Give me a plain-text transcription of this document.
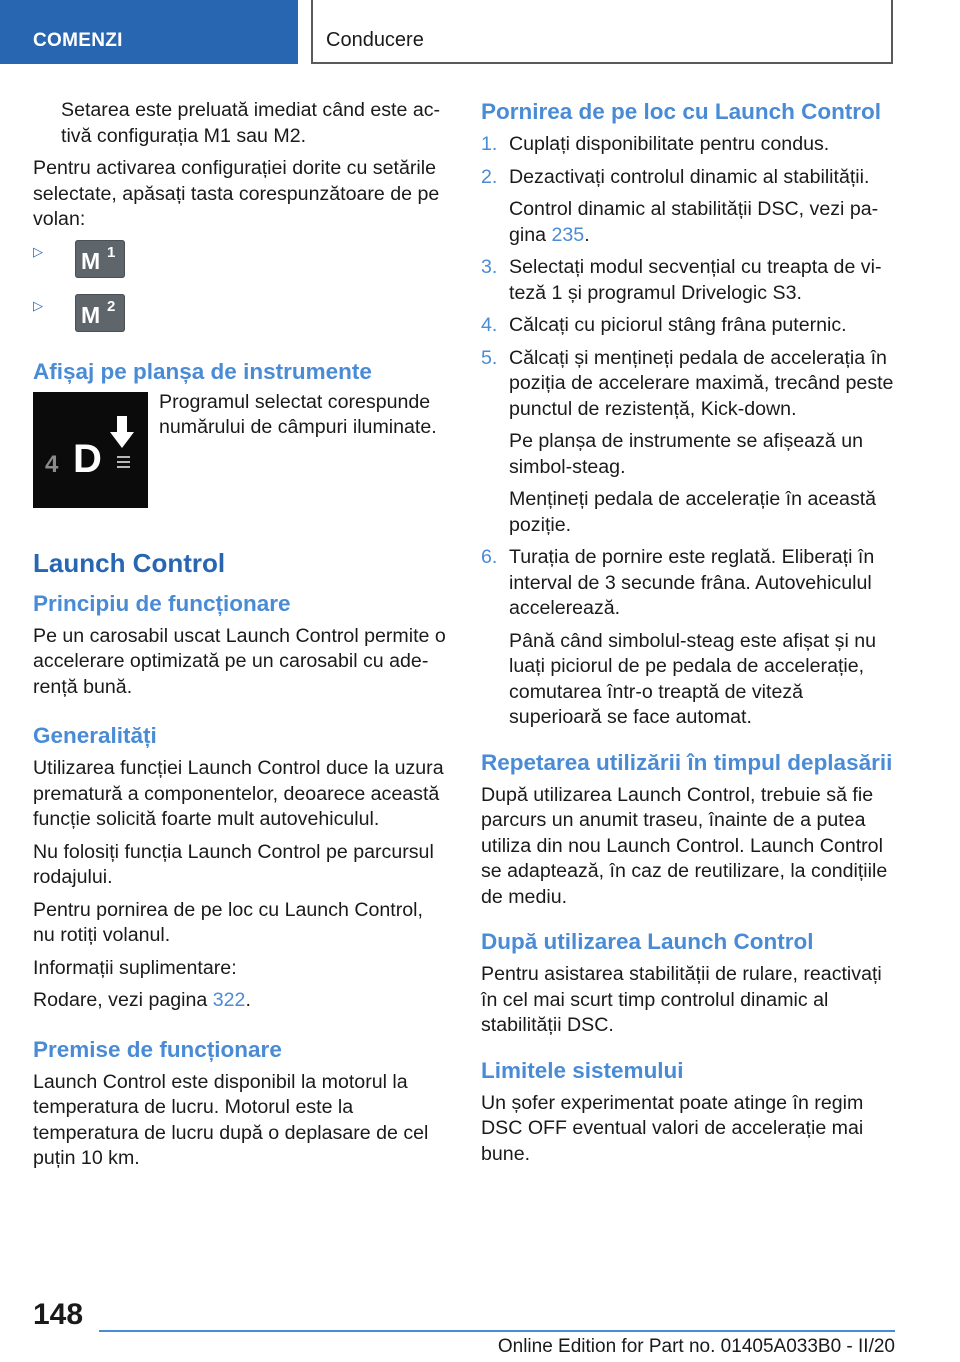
COMENZI	Conducere

Setarea este preluată imediat când este activă configurația M1 sau M2.

Pentru activarea configurației dorite cu setările selectate, apăsați tasta corespunzătoare de pe volan:

▷ M 1
▷ M 2
Afișaj pe planșa de instrumente
4 D

Programul selectat corespunde numărului de câmpuri iluminate.

Launch Control
Principiu de funcționare

Pe un carosabil uscat Launch Control permite o accelerare optimizată pe un carosabil cu aderență bună.

Generalități

Utilizarea funcției Launch Control duce la uzura prematură a componentelor, deoarece această funcție solicită foarte mult autovehiculul.

Nu folosiți funcția Launch Control pe parcursul rodajului.

Pentru pornirea de pe loc cu Launch Control, nu rotiți volanul.

Informații suplimentare:

Rodare, vezi pagina 322.

Premise de funcționare

Launch Control este disponibil la motorul la temperatura de lucru. Motorul este la temperatura de lucru după o deplasare de cel puțin 10 km.

Pornirea de pe loc cu Launch Control
1. Cuplați disponibilitate pentru condus.
2. Dezactivați controlul dinamic al stabilității.
Control dinamic al stabilității DSC, vezi pagina 235.
3. Selectați modul secvențial cu treapta de viteză 1 și programul Drivelogic S3.
4. Călcați cu piciorul stâng frâna puternic.
5. Călcați și mențineți pedala de accelerația în poziția de accelerare maximă, trecând peste punctul de rezistență, Kick-down.
Pe planșa de instrumente se afișează un simbol-steag.
Mențineți pedala de accelerație în această poziție.
6. Turația de pornire este reglată. Eliberați în interval de 3 secunde frâna. Autovehiculul accelerează.
Până când simbolul-steag este afișat și nu luați piciorul de pe pedala de accelerație, comutarea într-o treaptă de viteză superioară se face automat.
Repetarea utilizării în timpul deplasării

După utilizarea Launch Control, trebuie să fie parcurs un anumit traseu, înainte de a putea utiliza din nou Launch Control. Launch Control se adaptează, în caz de reutilizare, la condițiile de mediu.

După utilizarea Launch Control

Pentru asistarea stabilității de rulare, reactivați în cel mai scurt timp controlul dinamic al stabilității DSC.

Limitele sistemului

Un șofer experimentat poate atinge în regim DSC OFF eventual valori de accelerație mai bune.

148
Online Edition for Part no. 01405A033B0 - II/20
